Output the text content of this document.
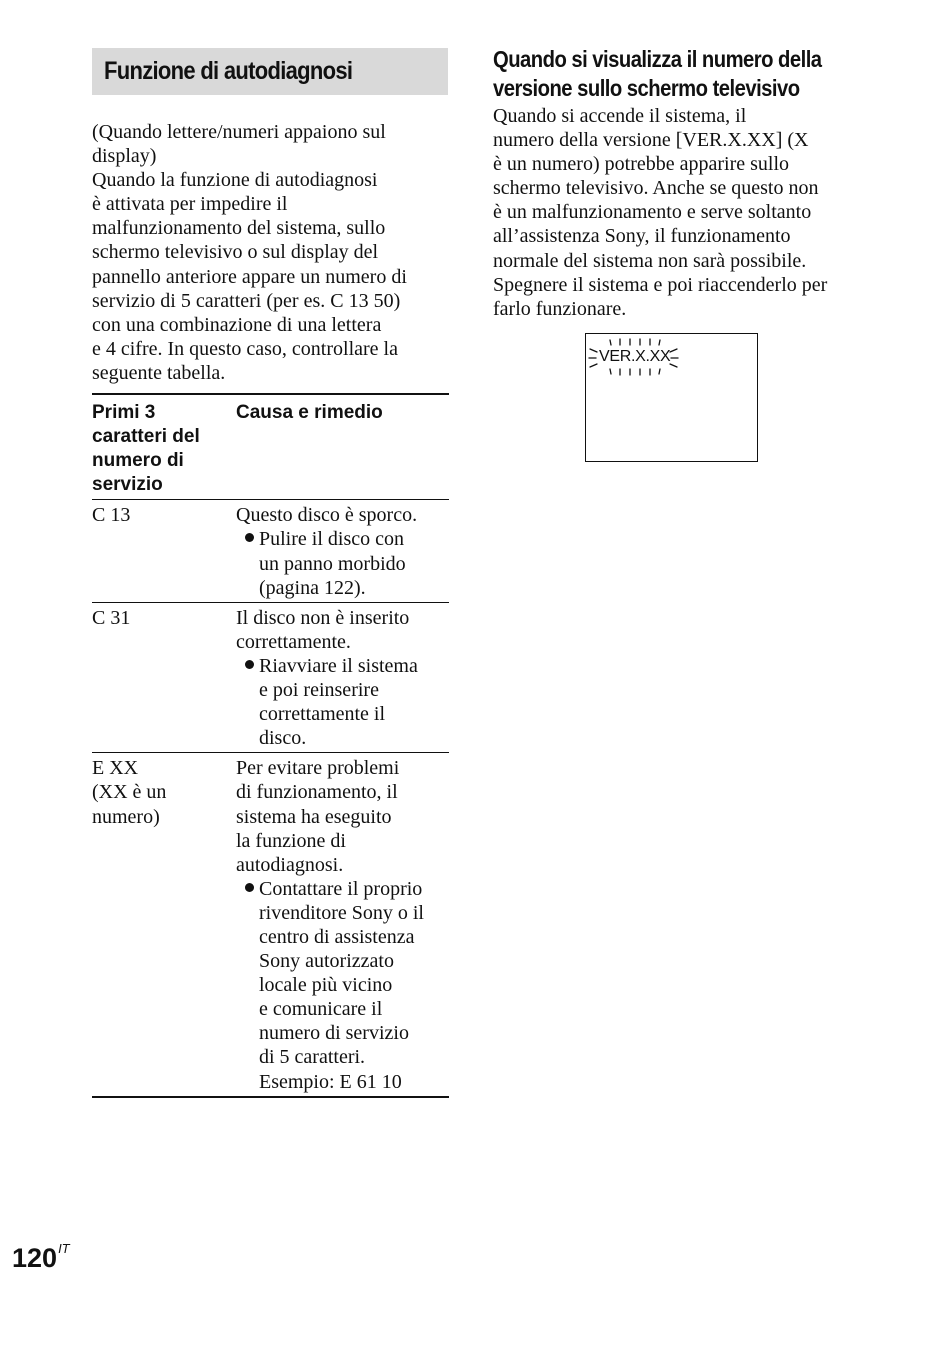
Funzione di autodiagnosi

(Quando lettere/numeri appaiono sul
display)
Quando la funzione di autodiagnosi
è attivata per impedire il
malfunzionamento del sistema, sullo
schermo televisivo o sul display del
pannello anteriore appare un numero di
servizio di 5 caratteri (per es. C 13 50)
con una combinazione di una lettera
e 4 cifre. In questo caso, controllare la
seguente tabella.

Primi 3
caratteri del
numero di
servizio
Causa e rimedio
C 13	Questo disco è sporco.
Pulire il disco con
un panno morbido
(pagina 122).
C 31	Il disco non è inserito
correttamente.
Riavviare il sistema
e poi reinserire
correttamente il
disco.
E XX
(XX è un
numero)
Per evitare problemi
di funzionamento, il
sistema ha eseguito
la funzione di
autodiagnosi.
Contattare il proprio
rivenditore Sony o il
centro di assistenza
Sony autorizzato
locale più vicino
e comunicare il
numero di servizio
di 5 caratteri.
Esempio: E 61 10
Quando si visualizza il numero della
versione sullo schermo televisivo

Quando si accende il sistema, il
numero della versione [VER.X.XX] (X
è un numero) potrebbe apparire sullo
schermo televisivo. Anche se questo non
è un malfunzionamento e serve soltanto
all’assistenza Sony, il funzionamento
normale del sistema non sarà possibile.
Spegnere il sistema e poi riaccenderlo per
farlo funzionare.

VER.X.XX
$120^{IT}$
